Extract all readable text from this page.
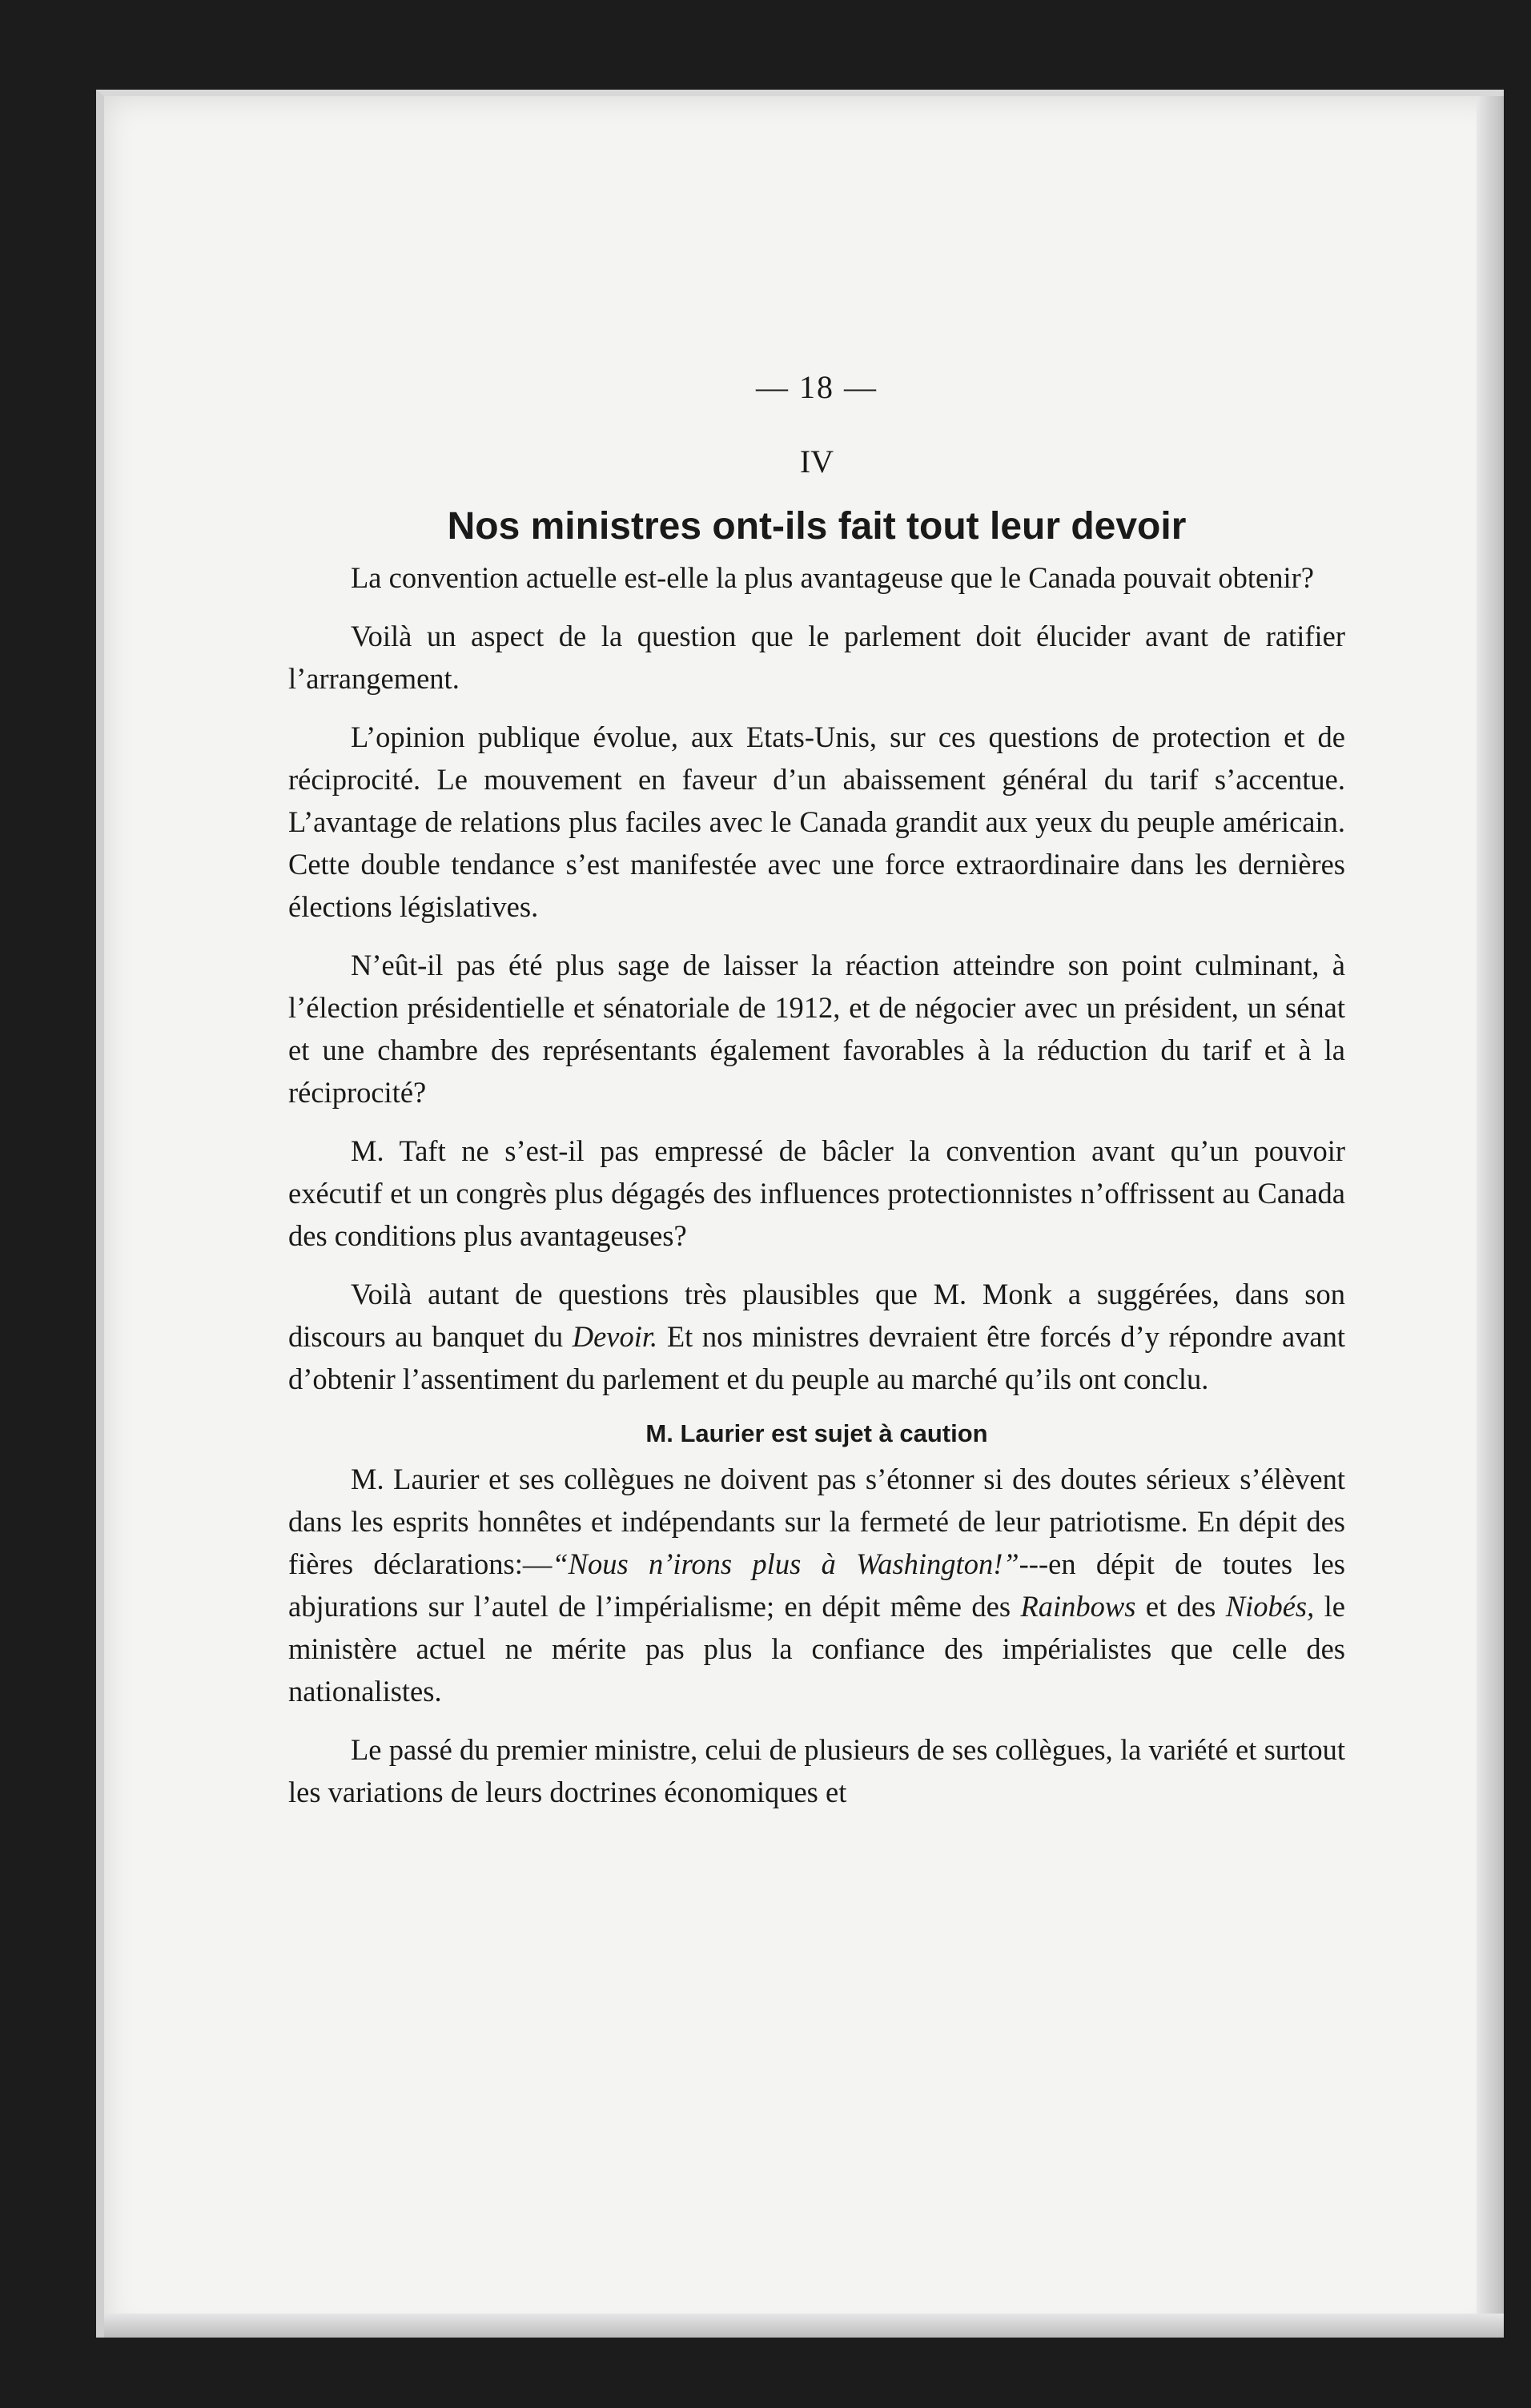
— 18 —
IV
Nos ministres ont-ils fait tout leur devoir

La convention actuelle est-elle la plus avantageuse que le Canada pouvait obtenir?

Voilà un aspect de la question que le parlement doit élucider avant de ratifier l’arrangement.

L’opinion publique évolue, aux Etats-Unis, sur ces questions de protection et de réciprocité. Le mouvement en faveur d’un abaissement général du tarif s’accentue. L’avantage de relations plus faciles avec le Canada grandit aux yeux du peuple américain. Cette double tendance s’est manifestée avec une force extraordinaire dans les dernières élections législatives.

N’eût-il pas été plus sage de laisser la réaction atteindre son point culminant, à l’élection présidentielle et sénatoriale de 1912, et de négocier avec un président, un sénat et une chambre des représentants également favorables à la réduction du tarif et à la réciprocité?

M. Taft ne s’est-il pas empressé de bâcler la convention avant qu’un pouvoir exécutif et un congrès plus dégagés des influences protectionnistes n’offrissent au Canada des conditions plus avantageuses?

Voilà autant de questions très plausibles que M. Monk a suggérées, dans son discours au banquet du Devoir. Et nos ministres devraient être forcés d’y répondre avant d’obtenir l’assentiment du parlement et du peuple au marché qu’ils ont conclu.

M. Laurier est sujet à caution

M. Laurier et ses collègues ne doivent pas s’étonner si des doutes sérieux s’élèvent dans les esprits honnêtes et indépendants sur la fermeté de leur patriotisme. En dépit des fières déclarations:—“Nous n’irons plus à Washington!”---en dépit de toutes les abjurations sur l’autel de l’impérialisme; en dépit même des Rainbows et des Niobés, le ministère actuel ne mérite pas plus la confiance des impérialistes que celle des nationalistes.

Le passé du premier ministre, celui de plusieurs de ses collègues, la variété et surtout les variations de leurs doctrines économiques et
